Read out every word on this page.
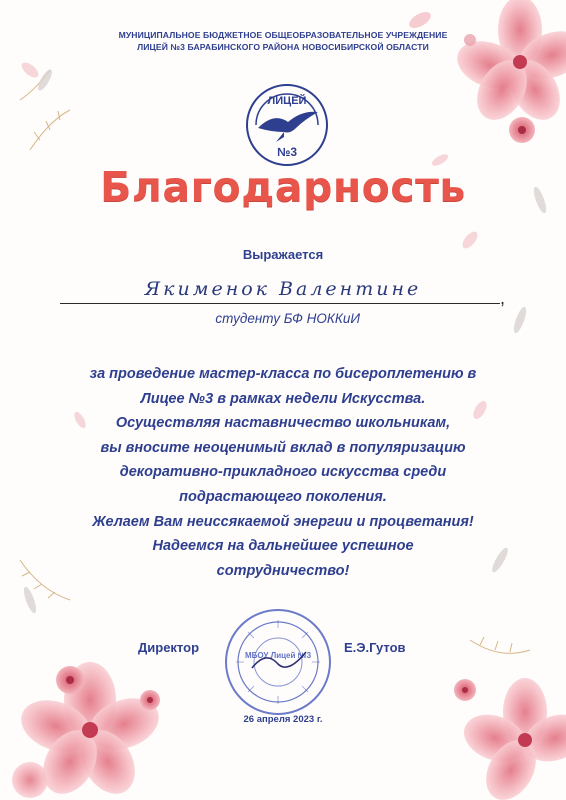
МУНИЦИПАЛЬНОЕ БЮДЖЕТНОЕ ОБЩЕОБРАЗОВАТЕЛЬНОЕ УЧРЕЖДЕНИЕ
ЛИЦЕЙ №3 БАРАБИНСКОГО РАЙОНА НОВОСИБИРСКОЙ ОБЛАСТИ
ЛИЦЕЙ
№3
Благодарность
Выражается
Якименок Валентине	,
студенту БФ НОККиИ
за проведение мастер-класса по бисероплетению в
Лицее №3 в рамках недели Искусства.
Осуществляя наставничество школьникам,
вы вносите неоценимый вклад в популяризацию
декоративно-прикладного искусства среди
подрастающего поколения.
Желаем Вам неиссякаемой энергии и процветания!
Надеемся на дальнейшее успешное
сотрудничество!
Директор
МБОУ Лицей №3
Е.Э.Гутов
26 апреля 2023 г.
